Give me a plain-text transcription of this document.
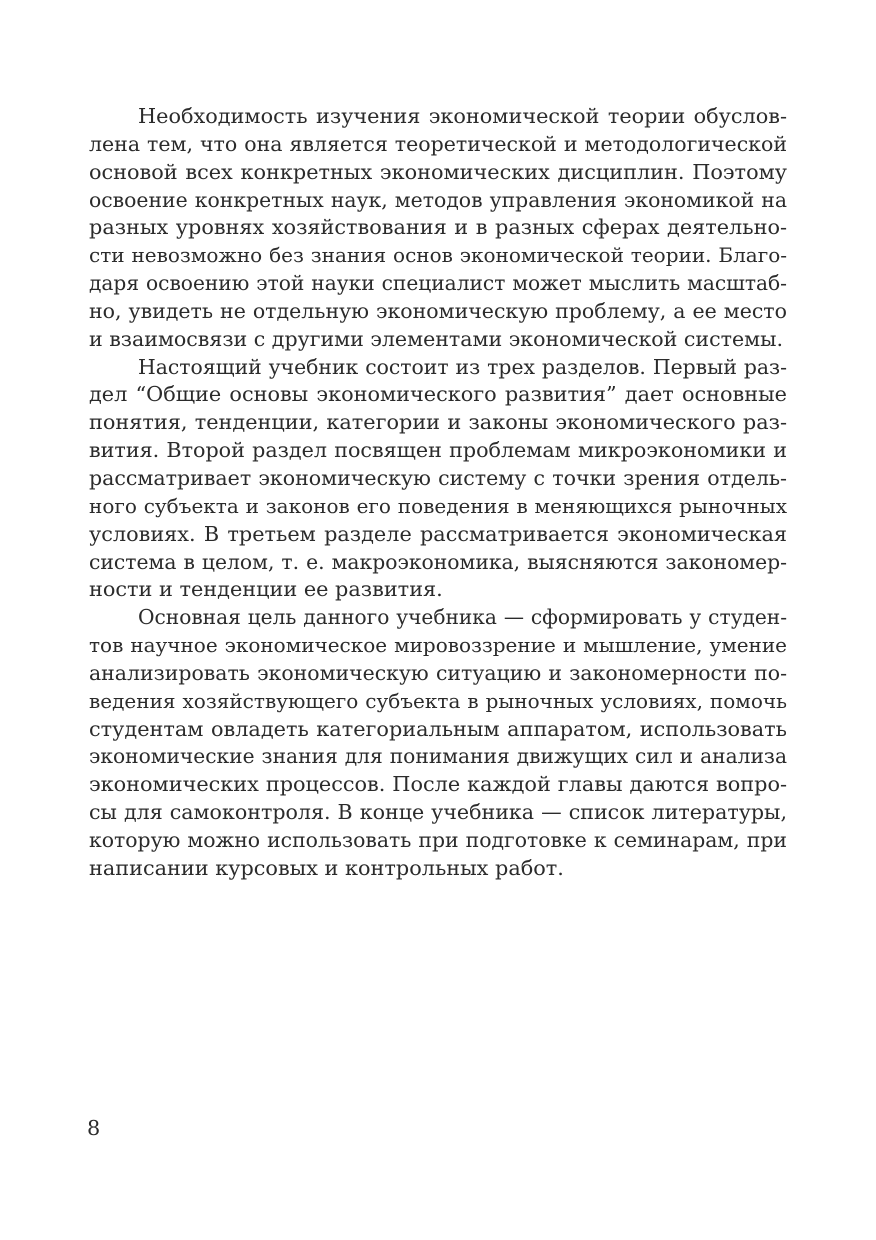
Необходимость изучения экономической теории обуслов-
лена тем, что она является теоретической и методологической
основой всех конкретных экономических дисциплин. Поэтому
освоение конкретных наук, методов управления экономикой на
разных уровнях хозяйствования и в разных сферах деятельно-
сти невозможно без знания основ экономической теории. Благо-
даря освоению этой науки специалист может мыслить масштаб-
но, увидеть не отдельную экономическую проблему, а ее место
и взаимосвязи с другими элементами экономической системы.
Настоящий учебник состоит из трех разделов. Первый раз-
дел “Общие основы экономического развития” дает основные
понятия, тенденции, категории и законы экономического раз-
вития. Второй раздел посвящен проблемам микроэкономики и
рассматривает экономическую систему с точки зрения отдель-
ного субъекта и законов его поведения в меняющихся рыночных
условиях. В третьем разделе рассматривается экономическая
система в целом, т. е. макроэкономика, выясняются закономер-
ности и тенденции ее развития.
Основная цель данного учебника — сформировать у студен-
тов научное экономическое мировоззрение и мышление, умение
анализировать экономическую ситуацию и закономерности по-
ведения хозяйствующего субъекта в рыночных условиях, помочь
студентам овладеть категориальным аппаратом, использовать
экономические знания для понимания движущих сил и анализа
экономических процессов. После каждой главы даются вопро-
сы для самоконтроля. В конце учебника — список литературы,
которую можно использовать при подготовке к семинарам, при
написании курсовых и контрольных работ.
8
